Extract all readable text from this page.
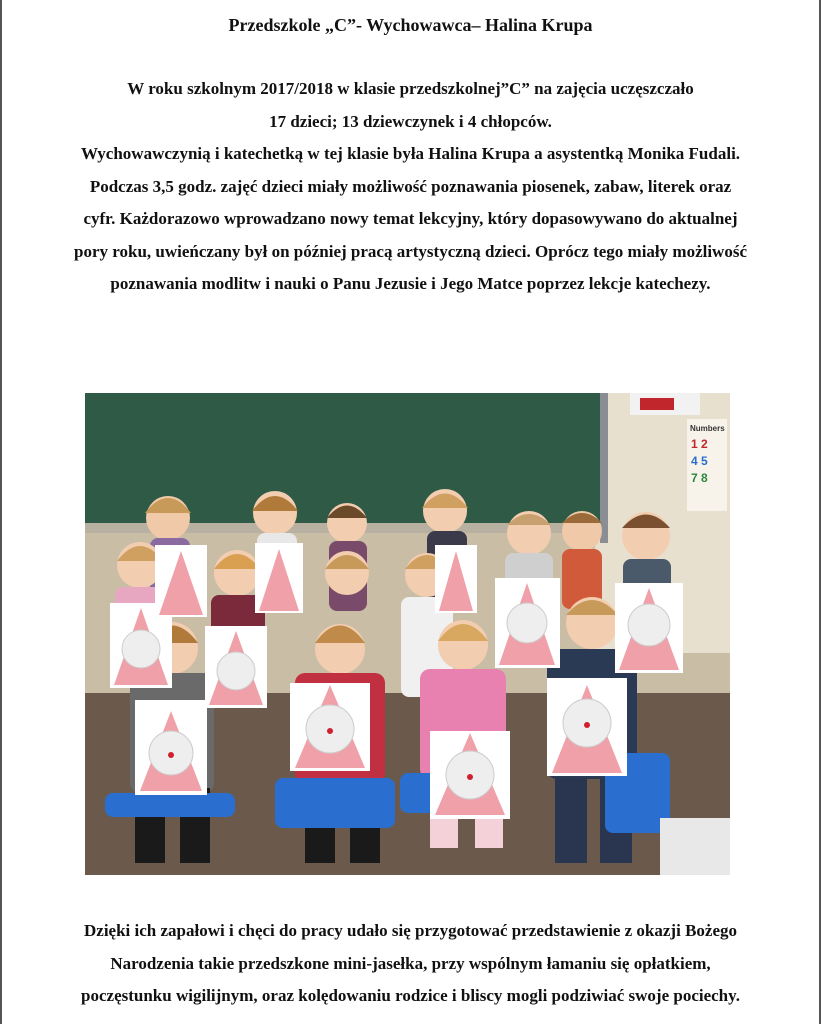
Przedszkole „C”- Wychowawca– Halina Krupa
W roku szkolnym 2017/2018 w klasie przedszkolnej”C” na zajęcia uczęszczało
17 dzieci; 13 dziewczynek i 4 chłopców.
Wychowawczynią i katechetką w tej klasie była Halina Krupa a asystentką Monika Fudali.
Podczas 3,5 godz. zajęć dzieci miały możliwość poznawania piosenek, zabaw, literek oraz
cyfr. Każdorazowo wprowadzano nowy temat lekcyjny, który dopasowywano do aktualnej
pory roku, uwieńczany był on później pracą artystyczną dzieci. Oprócz tego miały możliwość
poznawania modlitw i nauki o Panu Jezusie i Jego Matce poprzez lekcje katechezy.
Numbers
1 2
4 5
7 8
Dzięki ich zapałowi i chęci do pracy udało się przygotować przedstawienie z okazji Bożego
Narodzenia takie przedszkone mini-jasełka, przy wspólnym łamaniu się opłatkiem,
poczęstunku wigilijnym, oraz kolędowaniu rodzice i bliscy mogli podziwiać swoje pociechy.
